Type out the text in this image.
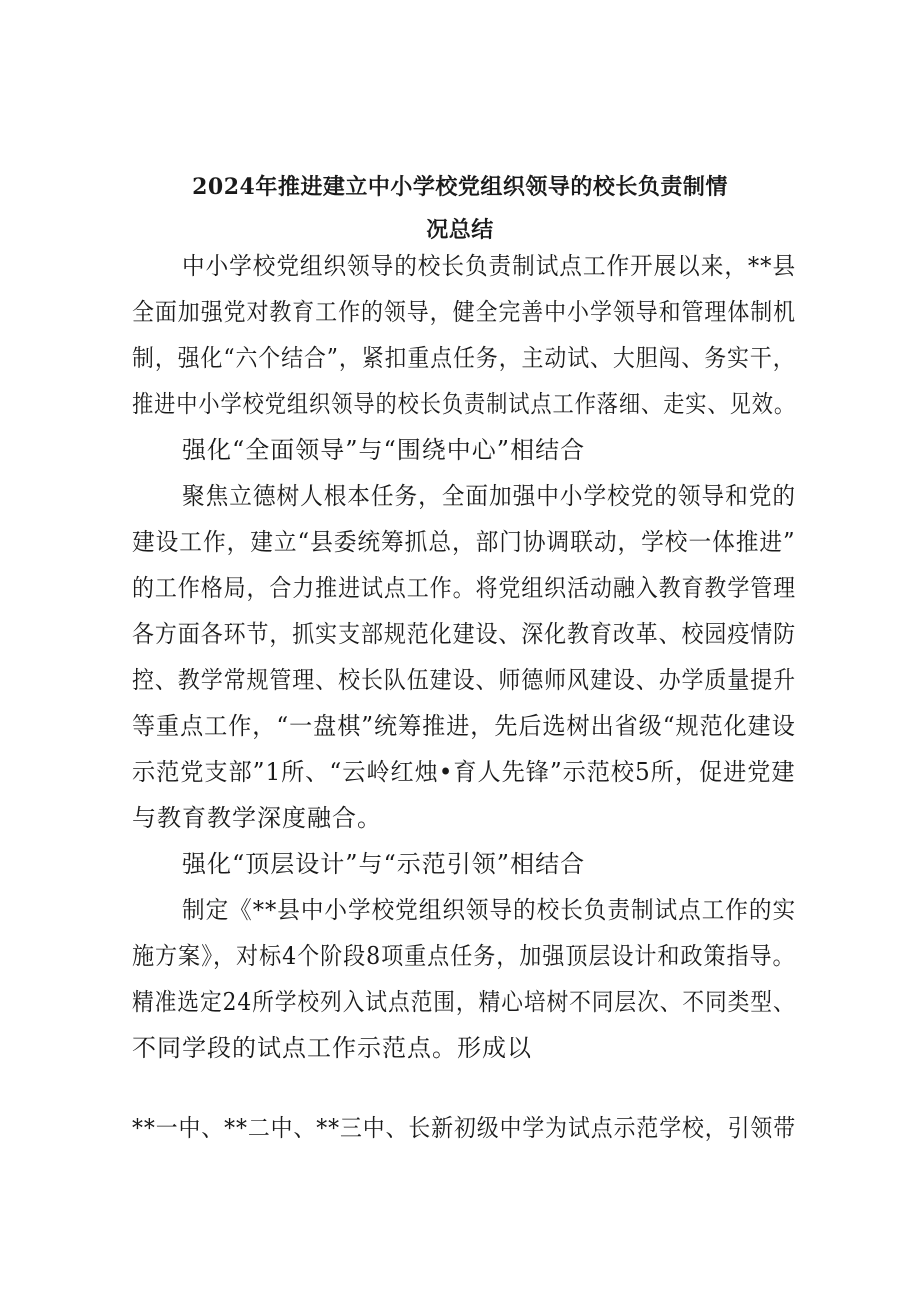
2024年推进建立中小学校党组织领导的校长负责制情
况总结
中小学校党组织领导的校长负责制试点工作开展以来，**县
全面加强党对教育工作的领导，健全完善中小学领导和管理体制机
制，强化“六个结合”，紧扣重点任务，主动试、大胆闯、务实干，
推进中小学校党组织领导的校长负责制试点工作落细、走实、见效。
强化“全面领导”与“围绕中心”相结合
聚焦立德树人根本任务，全面加强中小学校党的领导和党的
建设工作，建立“县委统筹抓总，部门协调联动，学校一体推进”
的工作格局，合力推进试点工作。将党组织活动融入教育教学管理
各方面各环节，抓实支部规范化建设、深化教育改革、校园疫情防
控、教学常规管理、校长队伍建设、师德师风建设、办学质量提升
等重点工作，“一盘棋”统筹推进，先后选树出省级“规范化建设
示范党支部”1所、“云岭红烛•育人先锋”示范校5所，促进党建
与教育教学深度融合。
强化“顶层设计”与“示范引领”相结合
制定《**县中小学校党组织领导的校长负责制试点工作的实
施方案》，对标4个阶段8项重点任务，加强顶层设计和政策指导。
精准选定24所学校列入试点范围，精心培树不同层次、不同类型、
不同学段的试点工作示范点。形成以
**一中、**二中、**三中、长新初级中学为试点示范学校，引领带
